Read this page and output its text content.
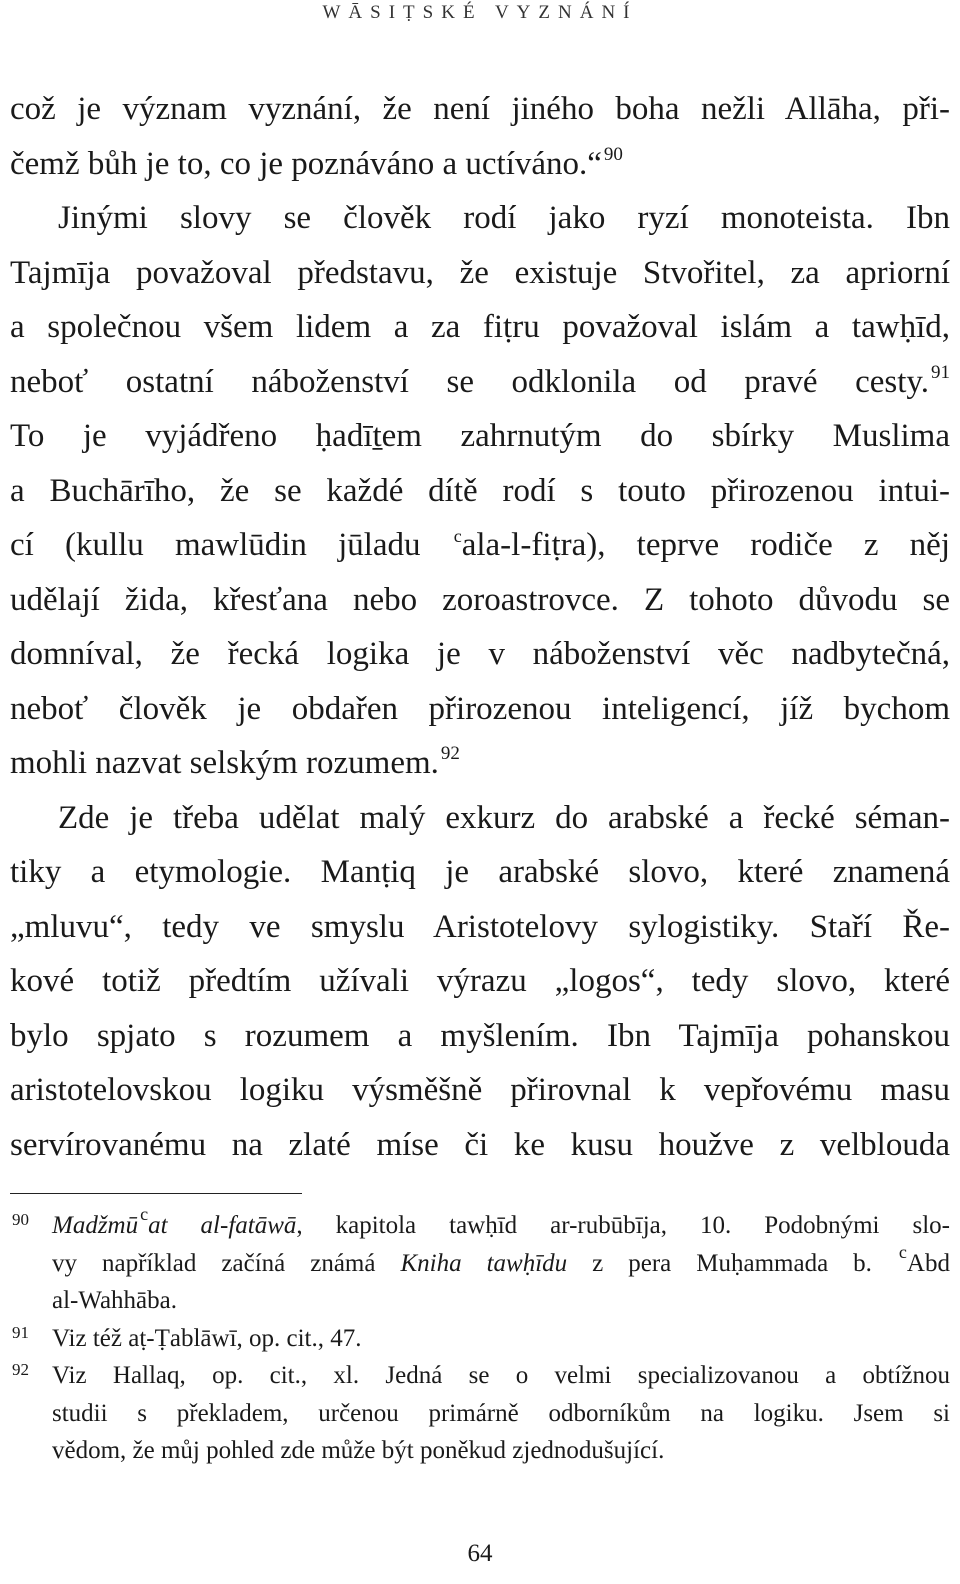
WĀSIṬSKÉ VYZNÁNÍ
což je význam vyznání, že není jiného boha nežli Allāha, při-
čemž bůh je to, co je poznáváno a uctíváno.“ $^{90}$
Jinými slovy se člověk rodí jako ryzí monoteista. Ibn
Tajmīja považoval představu, že existuje Stvořitel, za apriorní
a společnou všem lidem a za fiṭru považoval islám a tawḥīd,
neboť ostatní náboženství se odklonila od pravé cesty. $^{91}$
To je vyjádřeno ḥadīṯem zahrnutým do sbírky Muslima
a Buchārīho, že se každé dítě rodí s touto přirozenou intui-
cí (kullu mawlūdin jūladu $^c$ala-l-fiṭra), teprve rodiče z něj
udělají žida, křesťana nebo zoroastrovce. Z tohoto důvodu se
domníval, že řecká logika je v náboženství věc nadbytečná,
neboť člověk je obdařen přirozenou inteligencí, jíž bychom
mohli nazvat selským rozumem. $^{92}$
Zde je třeba udělat malý exkurz do arabské a řecké séman-
tiky a etymologie. Manṭiq je arabské slovo, které znamená
„mluvu“, tedy ve smyslu Aristotelovy sylogistiky. Staří Ře-
kové totiž předtím užívali výrazu „logos“, tedy slovo, které
bylo spjato s rozumem a myšlením. Ibn Tajmīja pohanskou
aristotelovskou logiku výsměšně přirovnal k vepřovému masu
servírovanému na zlaté míse či ke kusu houžve z velbloudа
90 Madžmū $^c$at al-fatāwā, kapitola tawḥīd ar-rubūbīja, 10. Podobnými slo-
vy například začíná známá Kniha tawḥīdu z pera Muḥammada b. $^c$Abd
al-Wahhāba.
91 Viz též aṭ-Ṭablāwī, op. cit., 47.
92 Viz Hallaq, op. cit., xl. Jedná se o velmi specializovanou a obtížnou
studii s překladem, určenou primárně odborníkům na logiku. Jsem si
vědom, že můj pohled zde může být poněkud zjednodušující.
64
